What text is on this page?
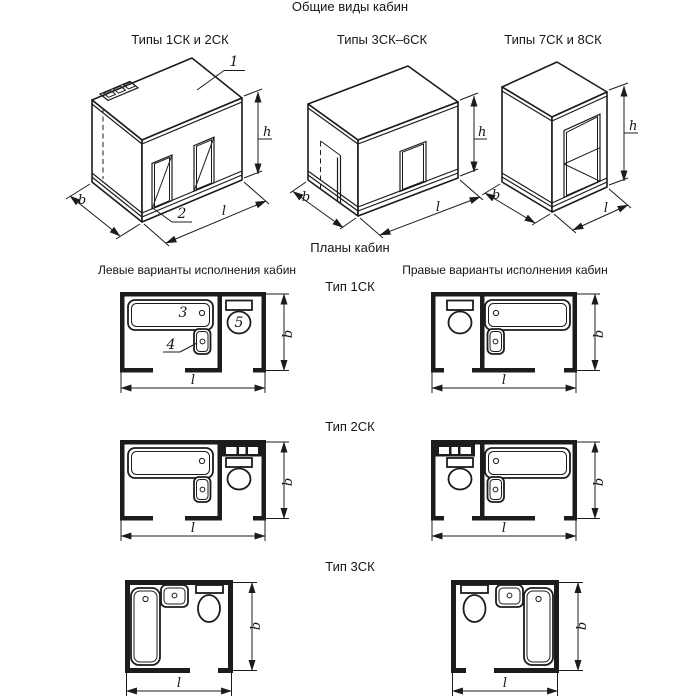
Общие виды кабин
Типы 1СК и 2СК	Типы 3СК–6СК	Типы 7СК и 8СК
Планы кабин
Левые варианты исполнения кабин	Правые варианты исполнения кабин
Тип 1СК
Тип 2СК
Тип 3СК
h
b
l
1
2
h
b
l
h
b
l
3
4
5
b
l
b
l
b
l
b
l
b
l
b
l
